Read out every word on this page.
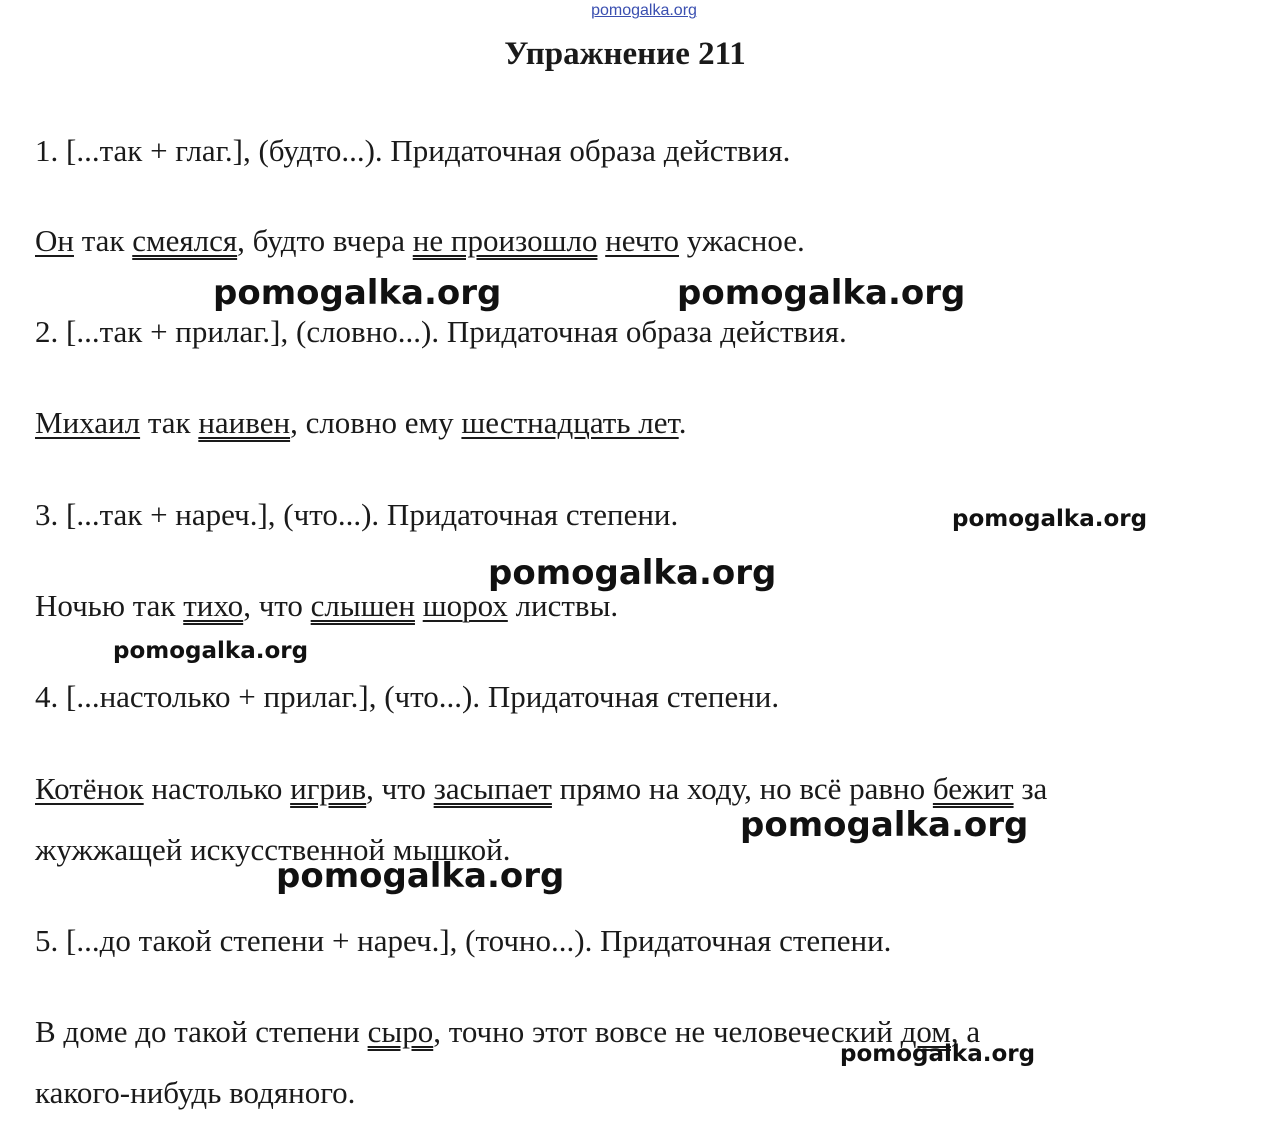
pomogalka.org
Упражнение 211

1. [...так + глаг.], (будто...). Придаточная образа действия.

Он так смеялся, будто вчера не произошло нечто ужасное.

2. [...так + прилаг.], (словно...). Придаточная образа действия.

Михаил так наивен, словно ему шестнадцать лет.

3. [...так + нареч.], (что...). Придаточная степени.

Ночью так тихо, что слышен шорох листвы.

4. [...настолько + прилаг.], (что...). Придаточная степени.

Котёнок настолько игрив, что засыпает прямо на ходу, но всё равно бежит за

жужжащей искусственной мышкой.

5. [...до такой степени + нареч.], (точно...). Придаточная степени.

В доме до такой степени сыро, точно этот вовсе не человеческий дом, а

какого-нибудь водяного.

pomogalka.org	pomogalka.org

pomogalka.org

pomogalka.org

pomogalka.org

pomogalka.org

pomogalka.org

pomogalka.org
